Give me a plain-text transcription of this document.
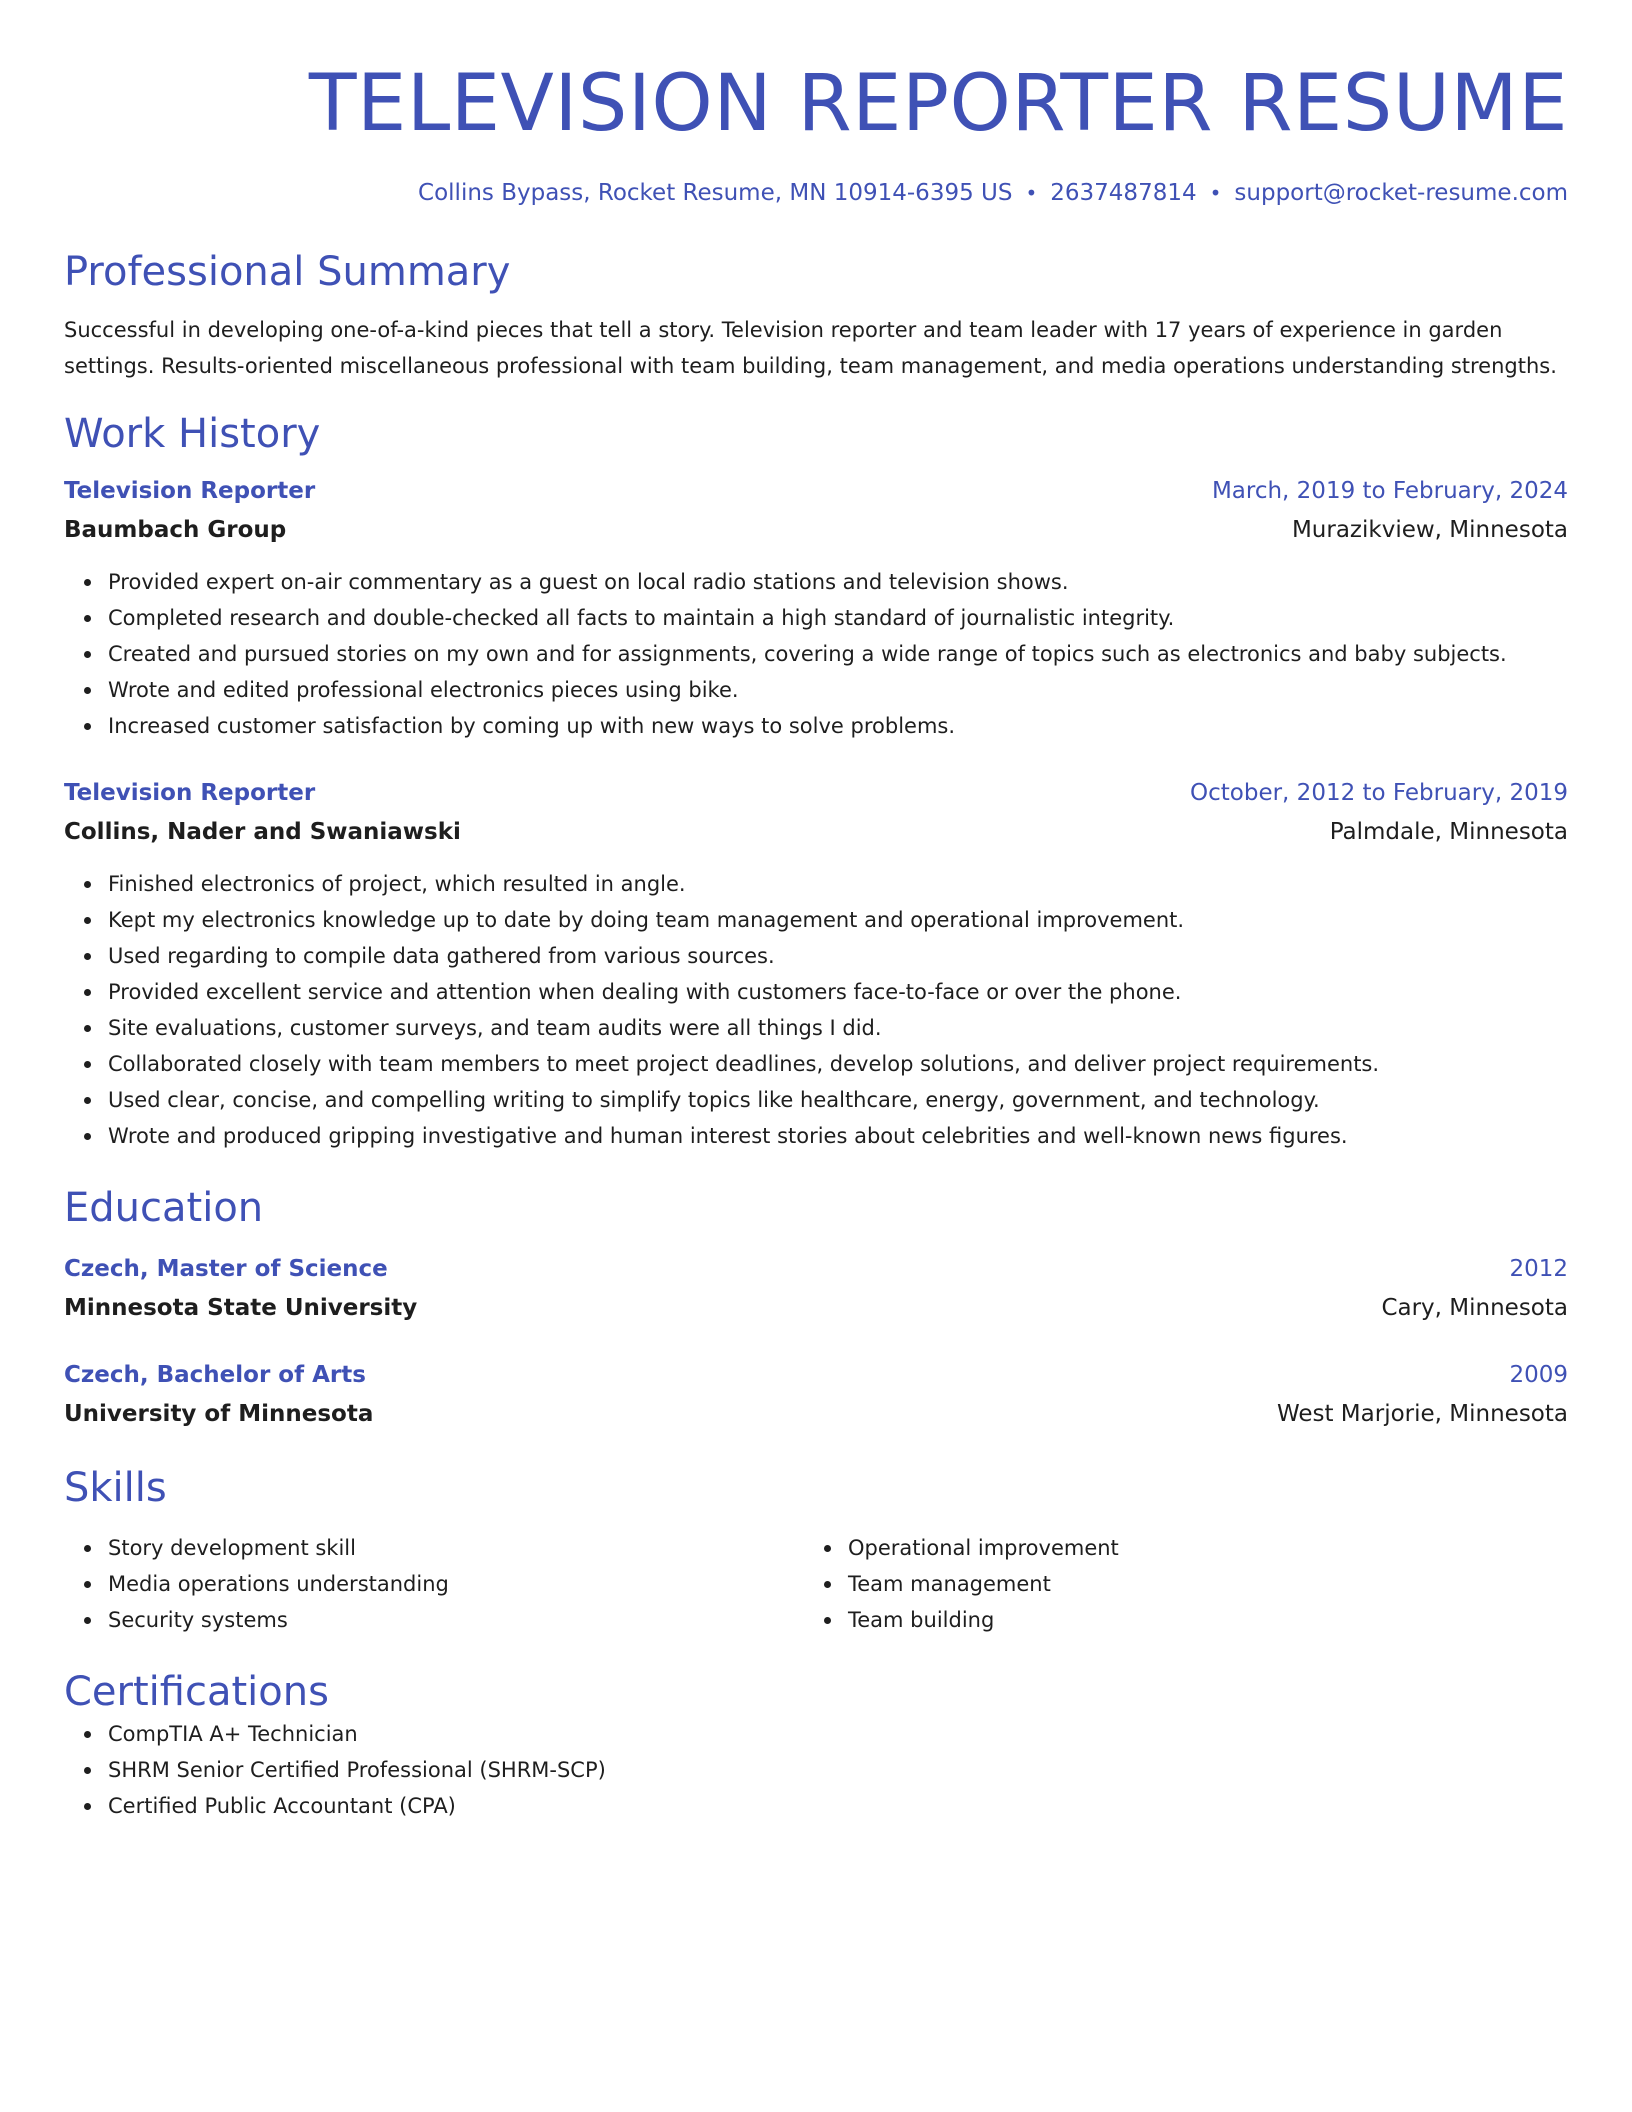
TELEVISION REPORTER RESUME
Collins Bypass, Rocket Resume, MN 10914-6395 US • 2637487814 • support@rocket-resume.com
Professional Summary
Successful in developing one-of-a-kind pieces that tell a story. Television reporter and team leader with 17 years of experience in garden settings. Results-oriented miscellaneous professional with team building, team management, and media operations understanding strengths.
Work History
Television Reporter	March, 2019 to February, 2024
Baumbach Group	Murazikview, Minnesota
Provided expert on-air commentary as a guest on local radio stations and television shows.
Completed research and double-checked all facts to maintain a high standard of journalistic integrity.
Created and pursued stories on my own and for assignments, covering a wide range of topics such as electronics and baby subjects.
Wrote and edited professional electronics pieces using bike.
Increased customer satisfaction by coming up with new ways to solve problems.
Television Reporter	October, 2012 to February, 2019
Collins, Nader and Swaniawski	Palmdale, Minnesota
Finished electronics of project, which resulted in angle.
Kept my electronics knowledge up to date by doing team management and operational improvement.
Used regarding to compile data gathered from various sources.
Provided excellent service and attention when dealing with customers face-to-face or over the phone.
Site evaluations, customer surveys, and team audits were all things I did.
Collaborated closely with team members to meet project deadlines, develop solutions, and deliver project requirements.
Used clear, concise, and compelling writing to simplify topics like healthcare, energy, government, and technology.
Wrote and produced gripping investigative and human interest stories about celebrities and well-known news figures.
Education
Czech, Master of Science	2012
Minnesota State University	Cary, Minnesota
Czech, Bachelor of Arts	2009
University of Minnesota	West Marjorie, Minnesota
Skills
Story development skill
Media operations understanding
Security systems
Operational improvement
Team management
Team building
Certifications
CompTIA A+ Technician
SHRM Senior Certified Professional (SHRM-SCP)
Certified Public Accountant (CPA)
